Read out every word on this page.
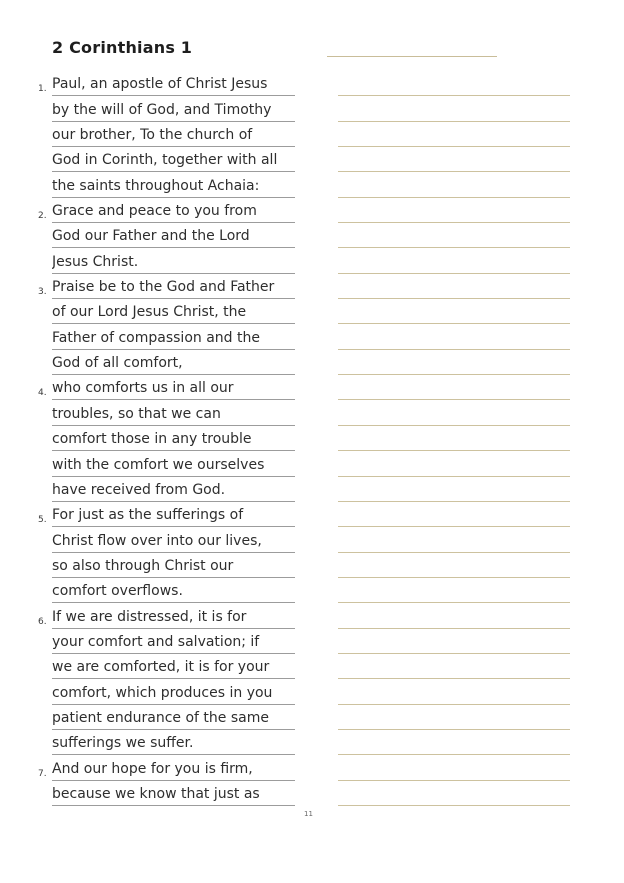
2 Corinthians 1
1. Paul, an apostle of Christ Jesus
by the will of God, and Timothy
our brother, To the church of
God in Corinth, together with all
the saints throughout Achaia:
2. Grace and peace to you from
God our Father and the Lord
Jesus Christ.
3. Praise be to the God and Father
of our Lord Jesus Christ, the
Father of compassion and the
God of all comfort,
4. who comforts us in all our
troubles, so that we can
comfort those in any trouble
with the comfort we ourselves
have received from God.
5. For just as the sufferings of
Christ flow over into our lives,
so also through Christ our
comfort overflows.
6. If we are distressed, it is for
your comfort and salvation; if
we are comforted, it is for your
comfort, which produces in you
patient endurance of the same
sufferings we suffer.
7. And our hope for you is firm,
because we know that just as
11
